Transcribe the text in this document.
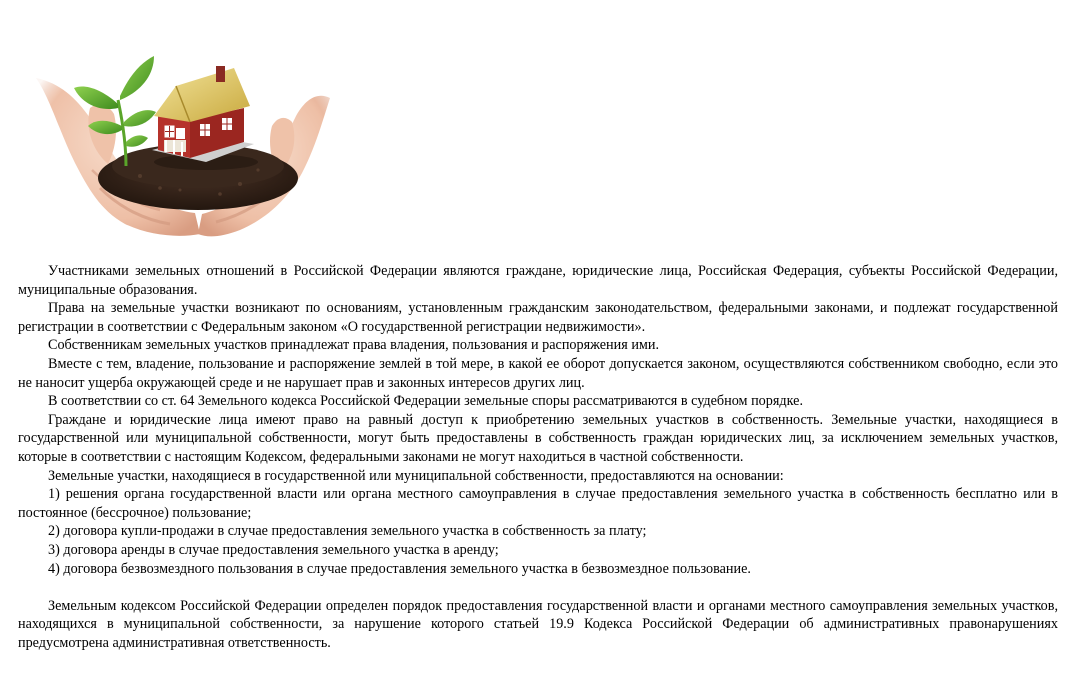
Участниками земельных отношений в Российской Федерации являются граждане, юридические лица, Российская Федерация, субъекты Российской Федерации, муниципальные образования.

Права на земельные участки возникают по основаниям, установленным гражданским законодательством, федеральными законами, и подлежат государственной регистрации в соответствии с Федеральным законом «О государственной регистрации недвижимости».

Собственникам земельных участков принадлежат права владения, пользования и распоряжения ими.

Вместе с тем, владение, пользование и распоряжение землей в той мере, в какой ее оборот допускается законом, осуществляются собственником свободно, если это не наносит ущерба окружающей среде и не нарушает прав и законных интересов других лиц.

В соответствии со ст. 64 Земельного кодекса Российской Федерации земельные споры рассматриваются в судебном порядке.

Граждане и юридические лица имеют право на равный доступ к приобретению земельных участков в собственность. Земельные участки, находящиеся в государственной или муниципальной собственности, могут быть предоставлены в собственность граждан юридических лиц, за исключением земельных участков, которые в соответствии с настоящим Кодексом, федеральными законами не могут находиться в частной собственности.

Земельные участки, находящиеся в государственной или муниципальной собственности, предоставляются на основании:

1) решения органа государственной власти или органа местного самоуправления в случае предоставления земельного участка в собственность бесплатно или в постоянное (бессрочное) пользование;

2) договора купли-продажи в случае предоставления земельного участка в собственность за плату;

3) договора аренды в случае предоставления земельного участка в аренду;

4) договора безвозмездного пользования в случае предоставления земельного участка в безвозмездное пользование.

Земельным кодексом Российской Федерации определен порядок предоставления государственной власти и органами местного самоуправления земельных участков, находящихся в муниципальной собственности, за нарушение которого статьей 19.9 Кодекса Российской Федерации об административных правонарушениях предусмотрена административная ответственность.
